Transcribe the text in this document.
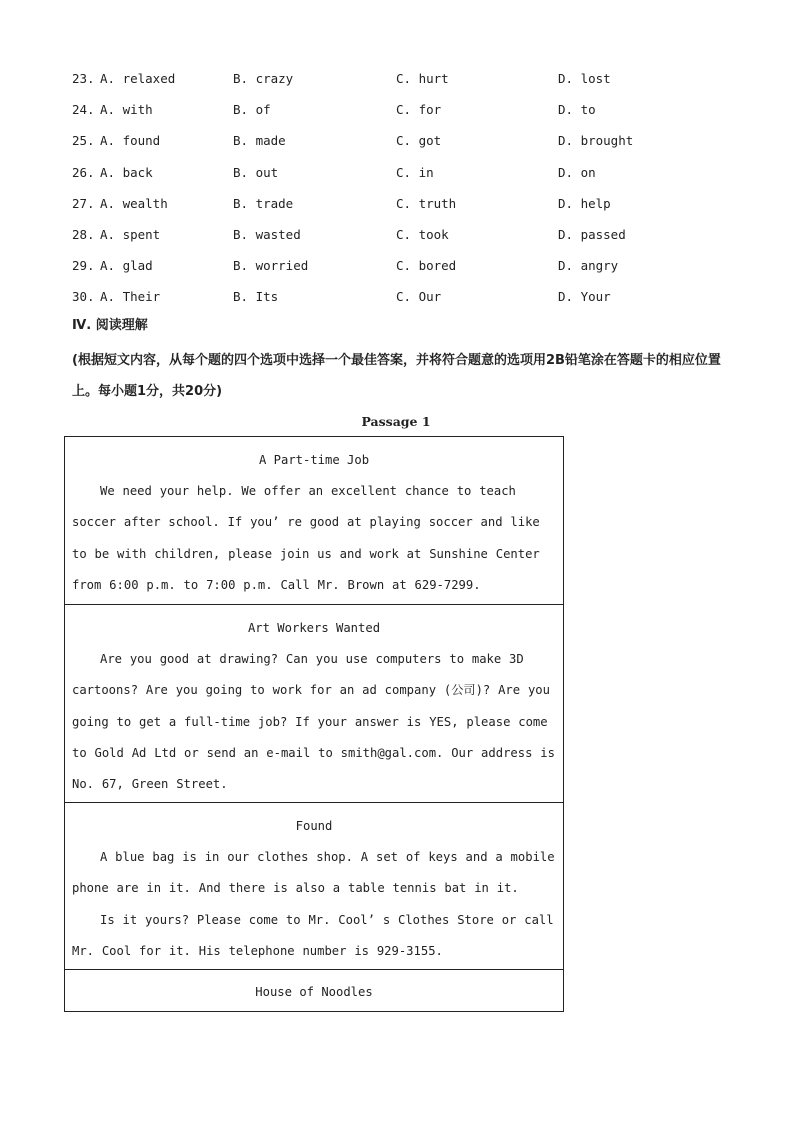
23. A. relaxed	B. crazy	C. hurt	D. lost
24. A. with	B. of	C. for	D. to
25. A. found	B. made	C. got	D. brought
26. A. back	B. out	C. in	D. on
27. A. wealth	B. trade	C. truth	D. help
28. A. spent	B. wasted	C. took	D. passed
29. A. glad	B. worried	C. bored	D. angry
30. A. Their	B. Its	C. Our	D. Your
Ⅳ. 阅读理解
(根据短文内容，从每个题的四个选项中选择一个最佳答案，并将符合题意的选项用2B铅笔涂在答题卡的相应位置上。每小题1分，共20分)
Passage 1
A Part-time Job

We need your help. We offer an excellent chance to teach soccer after school. If you’ re good at playing soccer and like to be with children, please join us and work at Sunshine Center from 6:00 p.m. to 7:00 p.m. Call Mr. Brown at 629-7299.

Art Workers Wanted

Are you good at drawing? Can you use computers to make 3D cartoons? Are you going to work for an ad company (公司)? Are you going to get a full-time job? If your answer is YES, please come to Gold Ad Ltd or send an e-mail to smith@gal.com. Our address is No. 67, Green Street.

Found

A blue bag is in our clothes shop. A set of keys and a mobile phone are in it. And there is also a table tennis bat in it.

Is it yours? Please come to Mr. Cool’ s Clothes Store or call Mr. Cool for it. His telephone number is 929-3155.

House of Noodles
